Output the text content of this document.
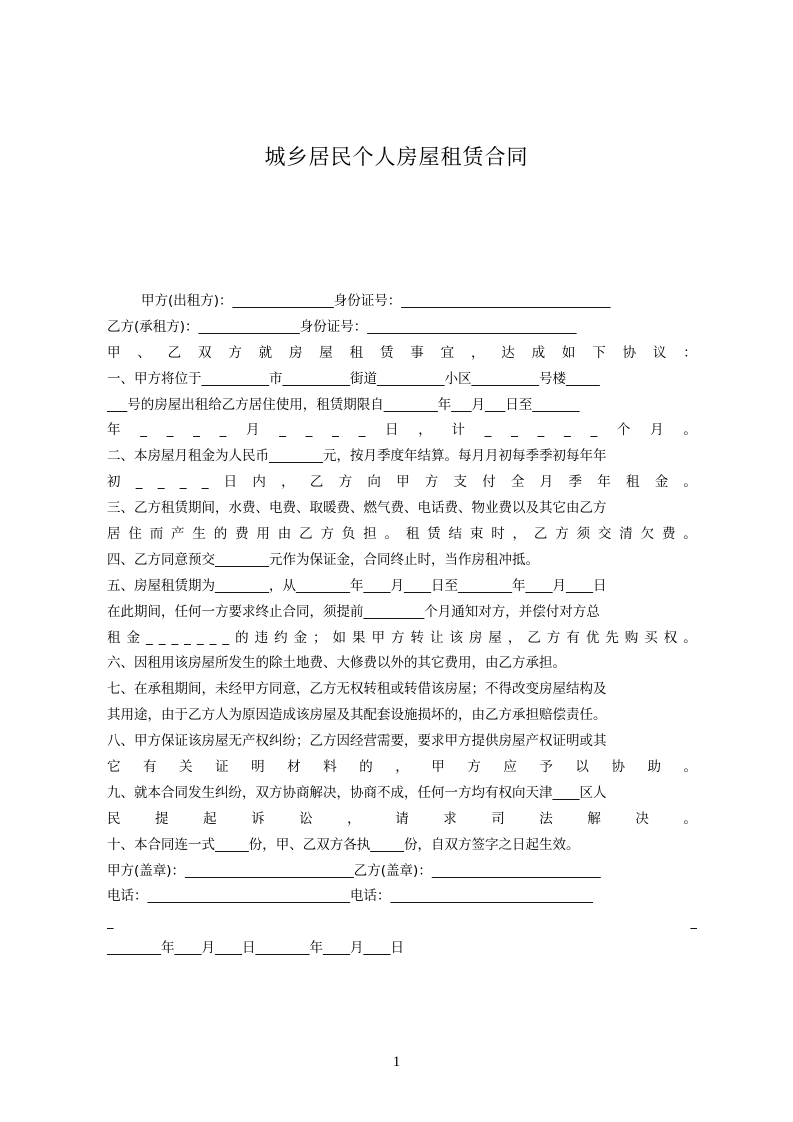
城乡居民个人房屋租赁合同
甲方(出租方)：_______________身份证号：_______________________________
乙方(承租方)：_______________身份证号：_______________________________
甲 、 乙 双 方 就 房 屋 租 赁 事 宜 ， 达 成 如 下 协 议 ：
一、甲方将位于__________市__________街道__________小区__________号楼_____
___号的房屋出租给乙方居住使用，租赁期限自________年___月___日至_______
年 _ _ _ _ 月 _ _ _ _ 日 ， 计 _ _ _ _ _ 个 月 。
二、本房屋月租金为人民币________元，按月季度年结算。每月月初每季季初每年年
初 _ _ _ _ 日 内 ， 乙 方 向 甲 方 支 付 全 月 季 年 租 金 。
三、乙方租赁期间，水费、电费、取暖费、燃气费、电话费、物业费以及其它由乙方
居 住 而 产 生 的 费 用 由 乙 方 负 担 。 租 赁 结 束 时 ， 乙 方 须 交 清 欠 费 。
四、乙方同意预交________元作为保证金，合同终止时，当作房租冲抵。
五、房屋租赁期为________，从________年____月____日至________年____月____日
在此期间，任何一方要求终止合同，须提前_________个月通知对方，并偿付对方总
租 金 _ _ _ _ _ _ _ 的 违 约 金 ； 如 果 甲 方 转 让 该 房 屋 ， 乙 方 有 优 先 购 买 权 。
六、因租用该房屋所发生的除土地费、大修费以外的其它费用，由乙方承担。
七、在承租期间，未经甲方同意，乙方无权转租或转借该房屋；不得改变房屋结构及
其用途，由于乙方人为原因造成该房屋及其配套设施损坏的，由乙方承担赔偿责任。
八、甲方保证该房屋无产权纠纷；乙方因经营需要，要求甲方提供房屋产权证明或其
它 有 关 证 明 材 料 的 ， 甲 方 应 予 以 协 助 。
九、就本合同发生纠纷，双方协商解决，协商不成，任何一方均有权向天津____区人
民	提	起	诉	讼	，	请	求	司	法	解	决	。
十、本合同连一式_____份，甲、乙双方各执_____份，自双方签字之日起生效。
甲方(盖章)：_________________________乙方(盖章)：_________________________
电话：______________________________电话：______________________________
_	_
________年____月____日________年____月____日
1
